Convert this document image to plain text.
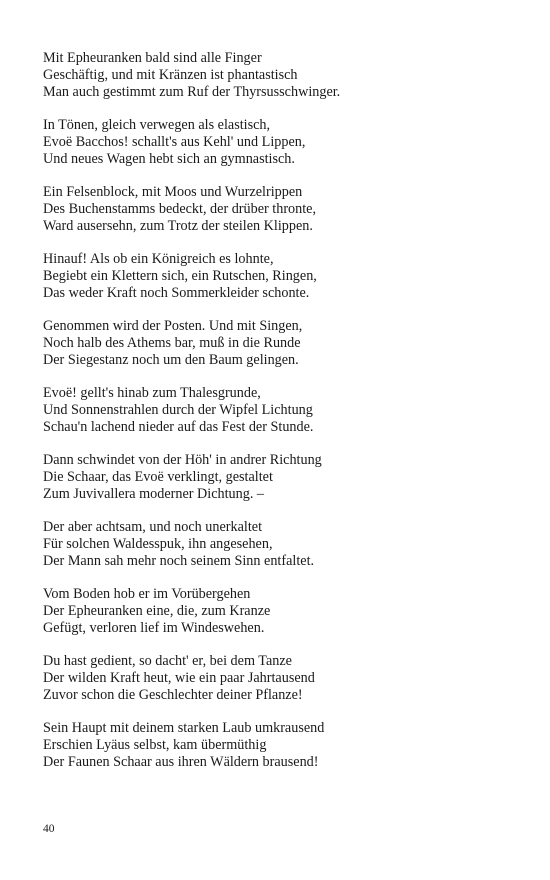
Mit Epheuranken bald sind alle Finger
Geschäftig, und mit Kränzen ist phantastisch
Man auch gestimmt zum Ruf der Thyrsusschwinger.
In Tönen, gleich verwegen als elastisch,
Evoë Bacchos! schallt's aus Kehl' und Lippen,
Und neues Wagen hebt sich an gymnastisch.
Ein Felsenblock, mit Moos und Wurzelrippen
Des Buchenstamms bedeckt, der drüber thronte,
Ward ausersehn, zum Trotz der steilen Klippen.
Hinauf! Als ob ein Königreich es lohnte,
Begiebt ein Klettern sich, ein Rutschen, Ringen,
Das weder Kraft noch Sommerkleider schonte.
Genommen wird der Posten. Und mit Singen,
Noch halb des Athems bar, muß in die Runde
Der Siegestanz noch um den Baum gelingen.
Evoë! gellt's hinab zum Thalesgrunde,
Und Sonnenstrahlen durch der Wipfel Lichtung
Schau'n lachend nieder auf das Fest der Stunde.
Dann schwindet von der Höh' in andrer Richtung
Die Schaar, das Evoë verklingt, gestaltet
Zum Juvivallera moderner Dichtung. –
Der aber achtsam, und noch unerkaltet
Für solchen Waldesspuk, ihn angesehen,
Der Mann sah mehr noch seinem Sinn entfaltet.
Vom Boden hob er im Vorübergehen
Der Epheuranken eine, die, zum Kranze
Gefügt, verloren lief im Windeswehen.
Du hast gedient, so dacht' er, bei dem Tanze
Der wilden Kraft heut, wie ein paar Jahrtausend
Zuvor schon die Geschlechter deiner Pflanze!
Sein Haupt mit deinem starken Laub umkrausend
Erschien Lyäus selbst, kam übermüthig
Der Faunen Schaar aus ihren Wäldern brausend!
40
